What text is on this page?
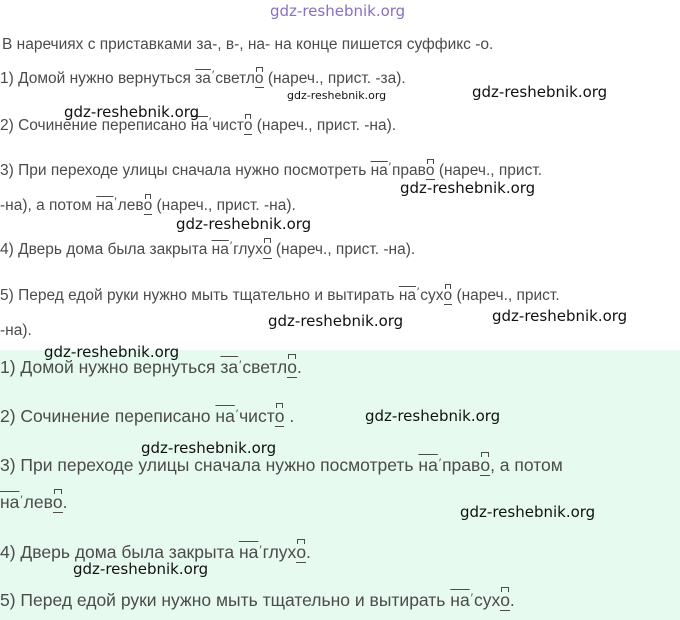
gdz-reshebnik.org
В наречиях с приставками за-, в-, на- на конце пишется суффикс -о.
1) Домой нужно вернуться за′светло (нареч., прист. -за).
2) Сочинение переписано на′чисто (нареч., прист. -на).
3) При переходе улицы сначала нужно посмотреть на′право (нареч., прист.
-на), а потом на′лево (нареч., прист. -на).
4) Дверь дома была закрыта на′глухо (нареч., прист. -на).
5) Перед едой руки нужно мыть тщательно и вытирать на′сухо (нареч., прист.
-на).
1) Домой нужно вернуться за′светло.
2) Сочинение переписано на′чисто .
3) При переходе улицы сначала нужно посмотреть на′право, а потом
на′лево.
4) Дверь дома была закрыта на′глухо.
5) Перед едой руки нужно мыть тщательно и вытирать на′сухо.
gdz-reshebnik.org	gdz-reshebnik.org
gdz-reshebnik.org
gdz-reshebnik.org
gdz-reshebnik.org
gdz-reshebnik.org	gdz-reshebnik.org
gdz-reshebnik.org
gdz-reshebnik.org
gdz-reshebnik.org
gdz-reshebnik.org
gdz-reshebnik.org
